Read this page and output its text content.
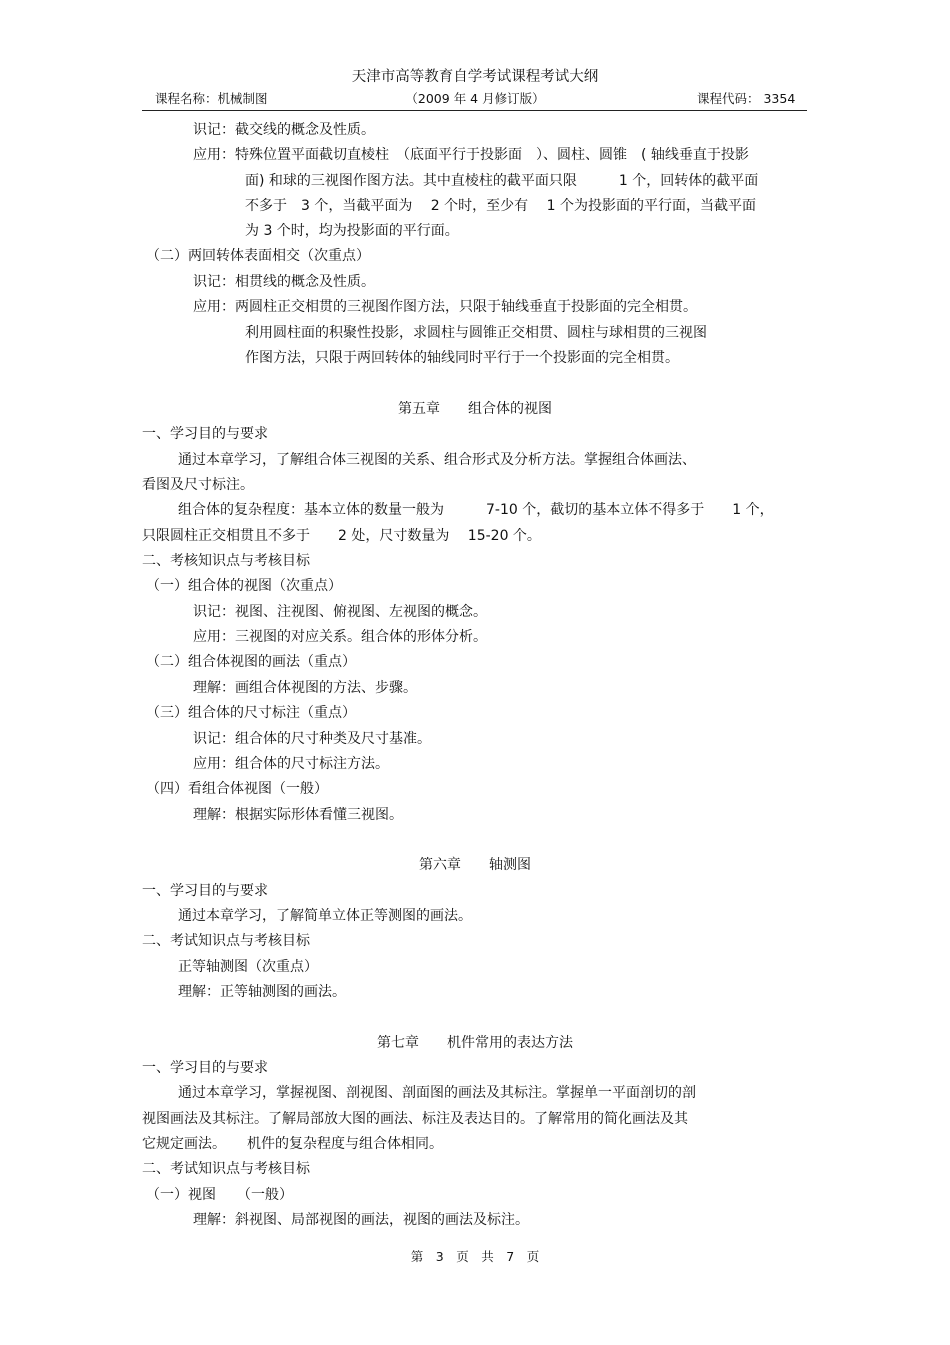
天津市高等教育自学考试课程考试大纲
课程名称：机械制图	（2009 年 4 月修订版）	课程代码： 3354
识记：截交线的概念及性质。
应用：特殊位置平面截切直棱柱　（底面平行于投影面　）、圆柱、圆锥　( 轴线垂直于投影
面) 和球的三视图作图方法。其中直棱柱的截平面只限　　　1 个，回转体的截平面
不多于　3 个，当截平面为　 2 个时，至少有　 1 个为投影面的平行面，当截平面
为 3 个时，均为投影面的平行面。
（二）两回转体表面相交（次重点）
识记：相贯线的概念及性质。
应用：两圆柱正交相贯的三视图作图方法，只限于轴线垂直于投影面的完全相贯。
利用圆柱面的积聚性投影，求圆柱与圆锥正交相贯、圆柱与球相贯的三视图
作图方法，只限于两回转体的轴线同时平行于一个投影面的完全相贯。
第五章　　组合体的视图
一、学习目的与要求
通过本章学习，了解组合体三视图的关系、组合形式及分析方法。掌握组合体画法、
看图及尺寸标注。
组合体的复杂程度：基本立体的数量一般为　　　7-10 个，截切的基本立体不得多于　　1 个，
只限圆柱正交相贯且不多于　　2 处，尺寸数量为　 15-20 个。
二、考核知识点与考核目标
（一）组合体的视图（次重点）
识记：视图、注视图、俯视图、左视图的概念。
应用：三视图的对应关系。组合体的形体分析。
（二）组合体视图的画法（重点）
理解：画组合体视图的方法、步骤。
（三）组合体的尺寸标注（重点）
识记：组合体的尺寸种类及尺寸基准。
应用：组合体的尺寸标注方法。
（四）看组合体视图（一般）
理解：根据实际形体看懂三视图。
第六章　　轴测图
一、学习目的与要求
通过本章学习，了解简单立体正等测图的画法。
二、考试知识点与考核目标
正等轴测图（次重点）
理解：正等轴测图的画法。
第七章　　机件常用的表达方法
一、学习目的与要求
通过本章学习，掌握视图、剖视图、剖面图的画法及其标注。掌握单一平面剖切的剖
视图画法及其标注。了解局部放大图的画法、标注及表达目的。了解常用的简化画法及其
它规定画法。　　机件的复杂程度与组合体相同。
二、考试知识点与考核目标
（一）视图　　（一般）
理解：斜视图、局部视图的画法，视图的画法及标注。
第　3　页　共　7　页
